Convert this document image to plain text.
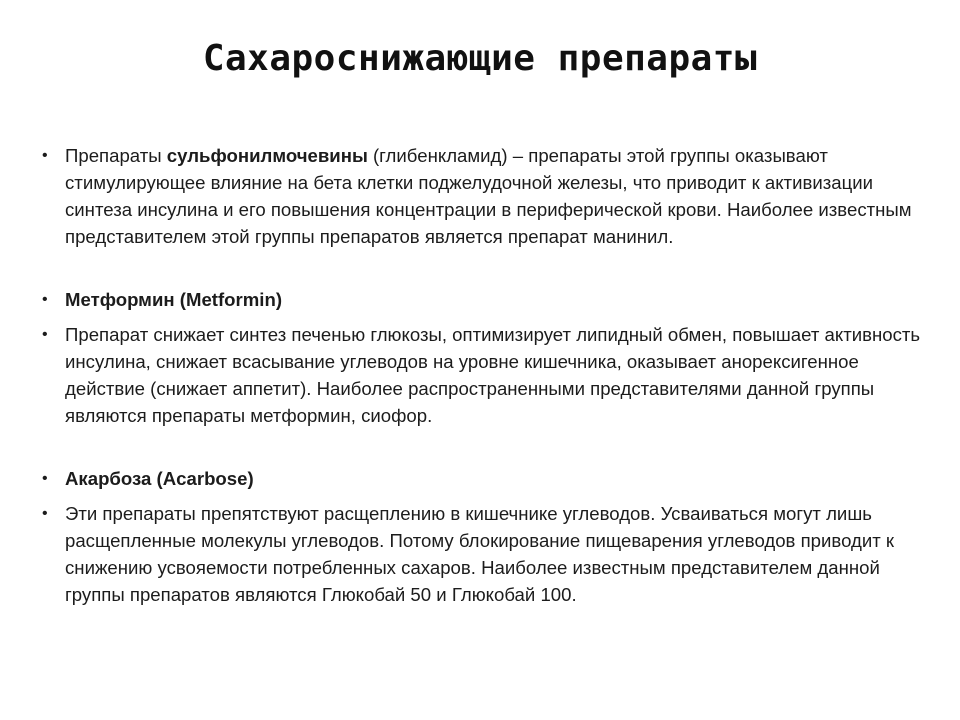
Сахароснижающие препараты
• Препараты сульфонилмочевины (глибенкламид) – препараты этой группы оказывают стимулирующее влияние на бета клетки поджелудочной железы, что приводит к активизации синтеза инсулина и его повышения концентрации в периферической крови. Наиболее известным представителем этой группы препаратов является препарат манинил.
• Метформин (Metformin)
• Препарат снижает синтез печенью глюкозы, оптимизирует липидный обмен, повышает активность инсулина, снижает всасывание углеводов на уровне кишечника, оказывает анорексигенное действие (снижает аппетит). Наиболее распространенными представителями данной группы являются препараты метформин, сиофор.
• Акарбоза (Acarbose)
• Эти препараты препятствуют расщеплению в кишечнике углеводов. Усваиваться могут лишь расщепленные молекулы углеводов. Потому блокирование пищеварения углеводов приводит к снижению усвояемости потребленных сахаров. Наиболее известным представителем данной группы препаратов являются Глюкобай 50 и Глюкобай 100.
